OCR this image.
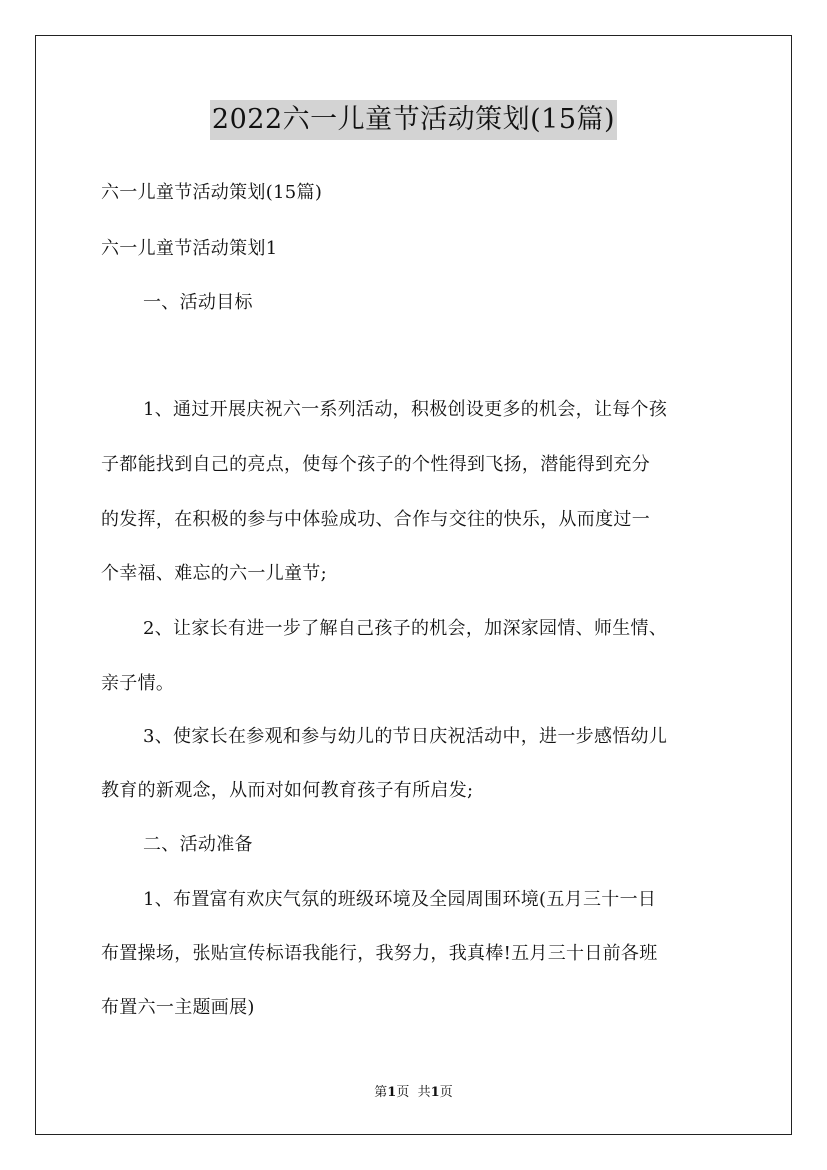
2022六一儿童节活动策划(15篇)
六一儿童节活动策划(15篇)
六一儿童节活动策划1
一、活动目标
1、通过开展庆祝六一系列活动，积极创设更多的机会，让每个孩
子都能找到自己的亮点，使每个孩子的个性得到飞扬，潜能得到充分
的发挥，在积极的参与中体验成功、合作与交往的快乐，从而度过一
个幸福、难忘的六一儿童节;
2、让家长有进一步了解自己孩子的机会，加深家园情、师生情、
亲子情。
3、使家长在参观和参与幼儿的节日庆祝活动中，进一步感悟幼儿
教育的新观念，从而对如何教育孩子有所启发;
二、活动准备
1、布置富有欢庆气氛的班级环境及全园周围环境(五月三十一日
布置操场，张贴宣传标语我能行，我努力，我真棒!五月三十日前各班
布置六一主题画展)
第1页 共1页
